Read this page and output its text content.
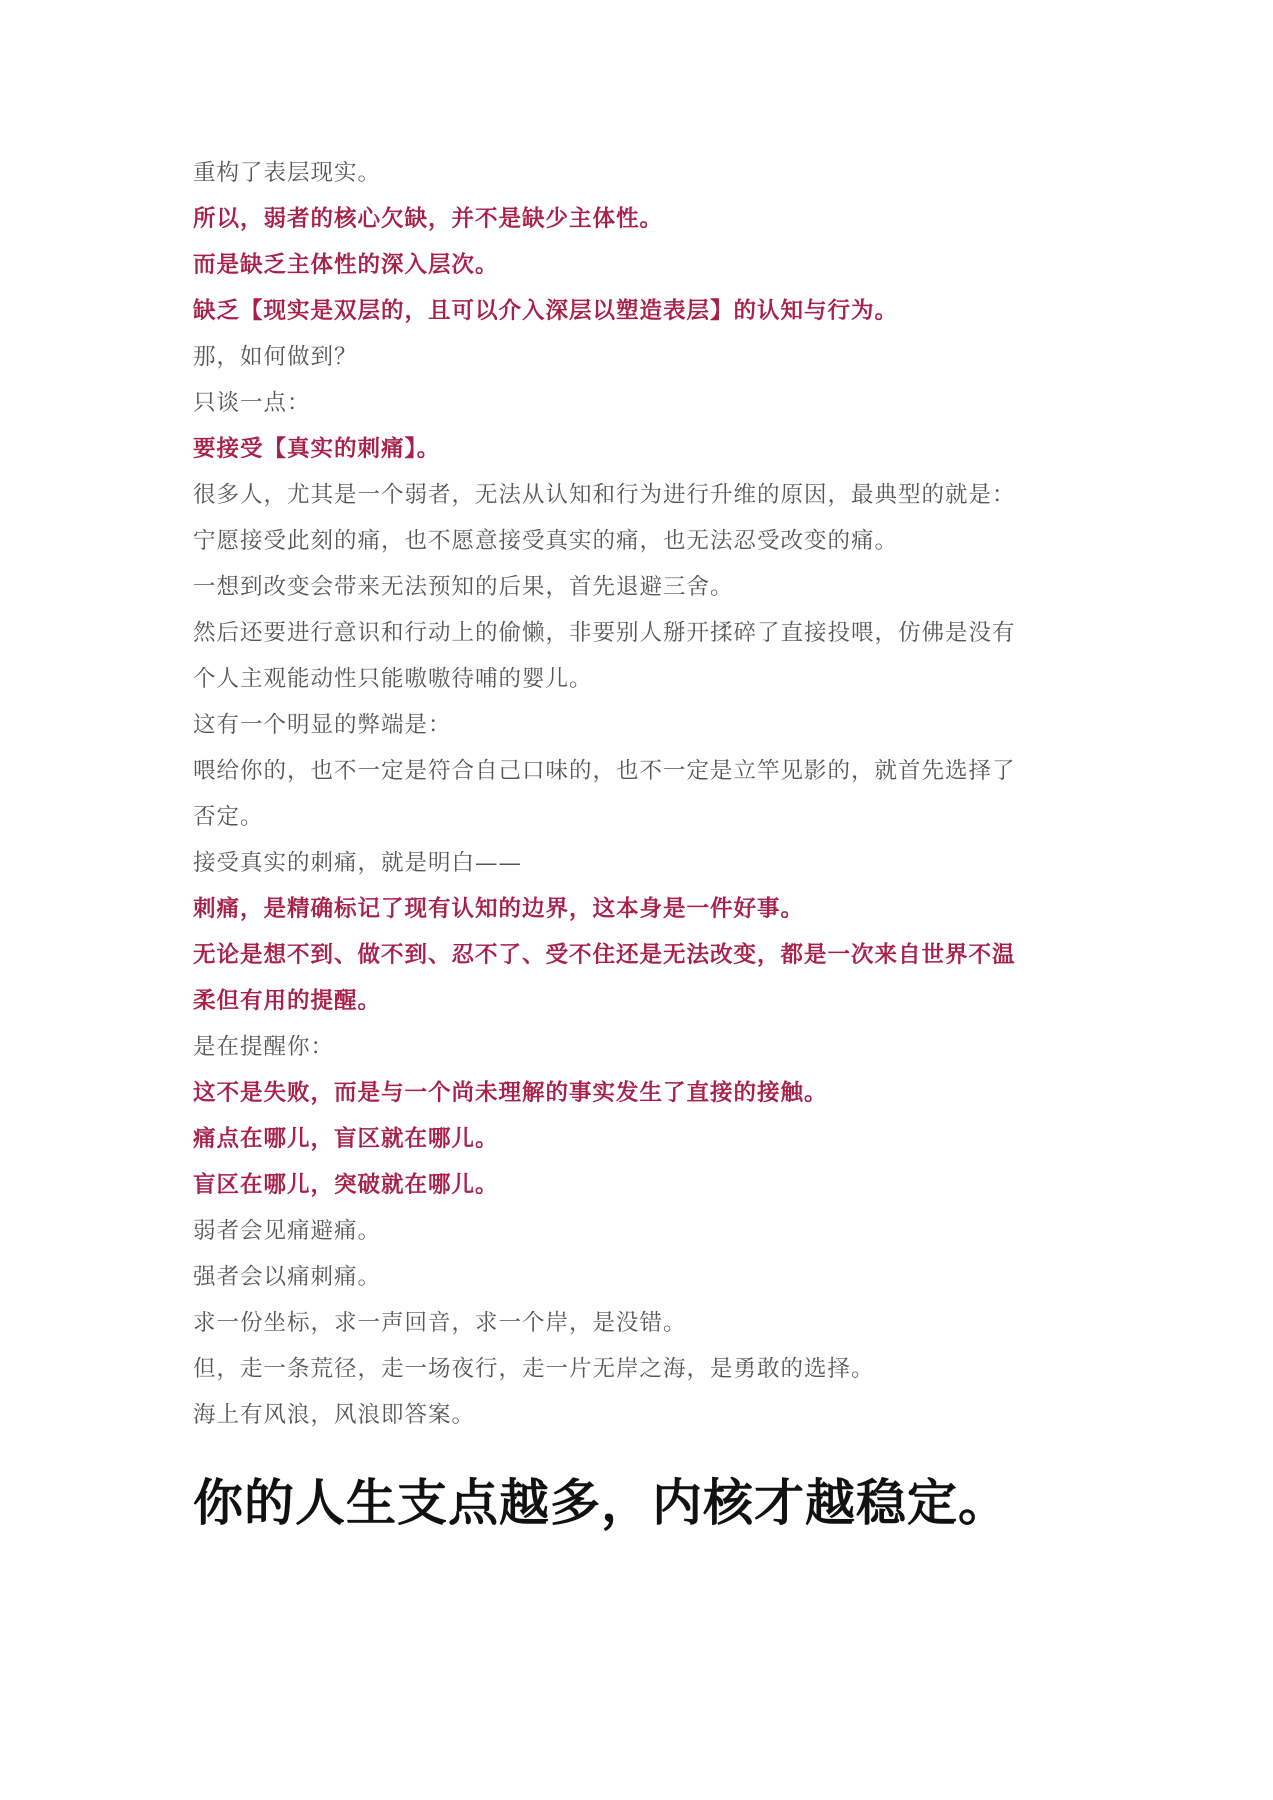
重构了表层现实。
所以，弱者的核心欠缺，并不是缺少主体性。
而是缺乏主体性的深入层次。
缺乏【现实是双层的，且可以介入深层以塑造表层】的认知与行为。
那，如何做到？
只谈一点：
要接受【真实的刺痛】。
很多人，尤其是一个弱者，无法从认知和行为进行升维的原因，最典型的就是：
宁愿接受此刻的痛，也不愿意接受真实的痛，也无法忍受改变的痛。
一想到改变会带来无法预知的后果，首先退避三舍。
然后还要进行意识和行动上的偷懒，非要别人掰开揉碎了直接投喂，仿佛是没有
个人主观能动性只能嗷嗷待哺的婴儿。
这有一个明显的弊端是：
喂给你的，也不一定是符合自己口味的，也不一定是立竿见影的，就首先选择了
否定。
接受真实的刺痛，就是明白——
刺痛，是精确标记了现有认知的边界，这本身是一件好事。
无论是想不到、做不到、忍不了、受不住还是无法改变，都是一次来自世界不温
柔但有用的提醒。
是在提醒你：
这不是失败，而是与一个尚未理解的事实发生了直接的接触。
痛点在哪儿，盲区就在哪儿。
盲区在哪儿，突破就在哪儿。
弱者会见痛避痛。
强者会以痛刺痛。
求一份坐标，求一声回音，求一个岸，是没错。
但，走一条荒径，走一场夜行，走一片无岸之海，是勇敢的选择。
海上有风浪，风浪即答案。
你的人生支点越多，内核才越稳定。
